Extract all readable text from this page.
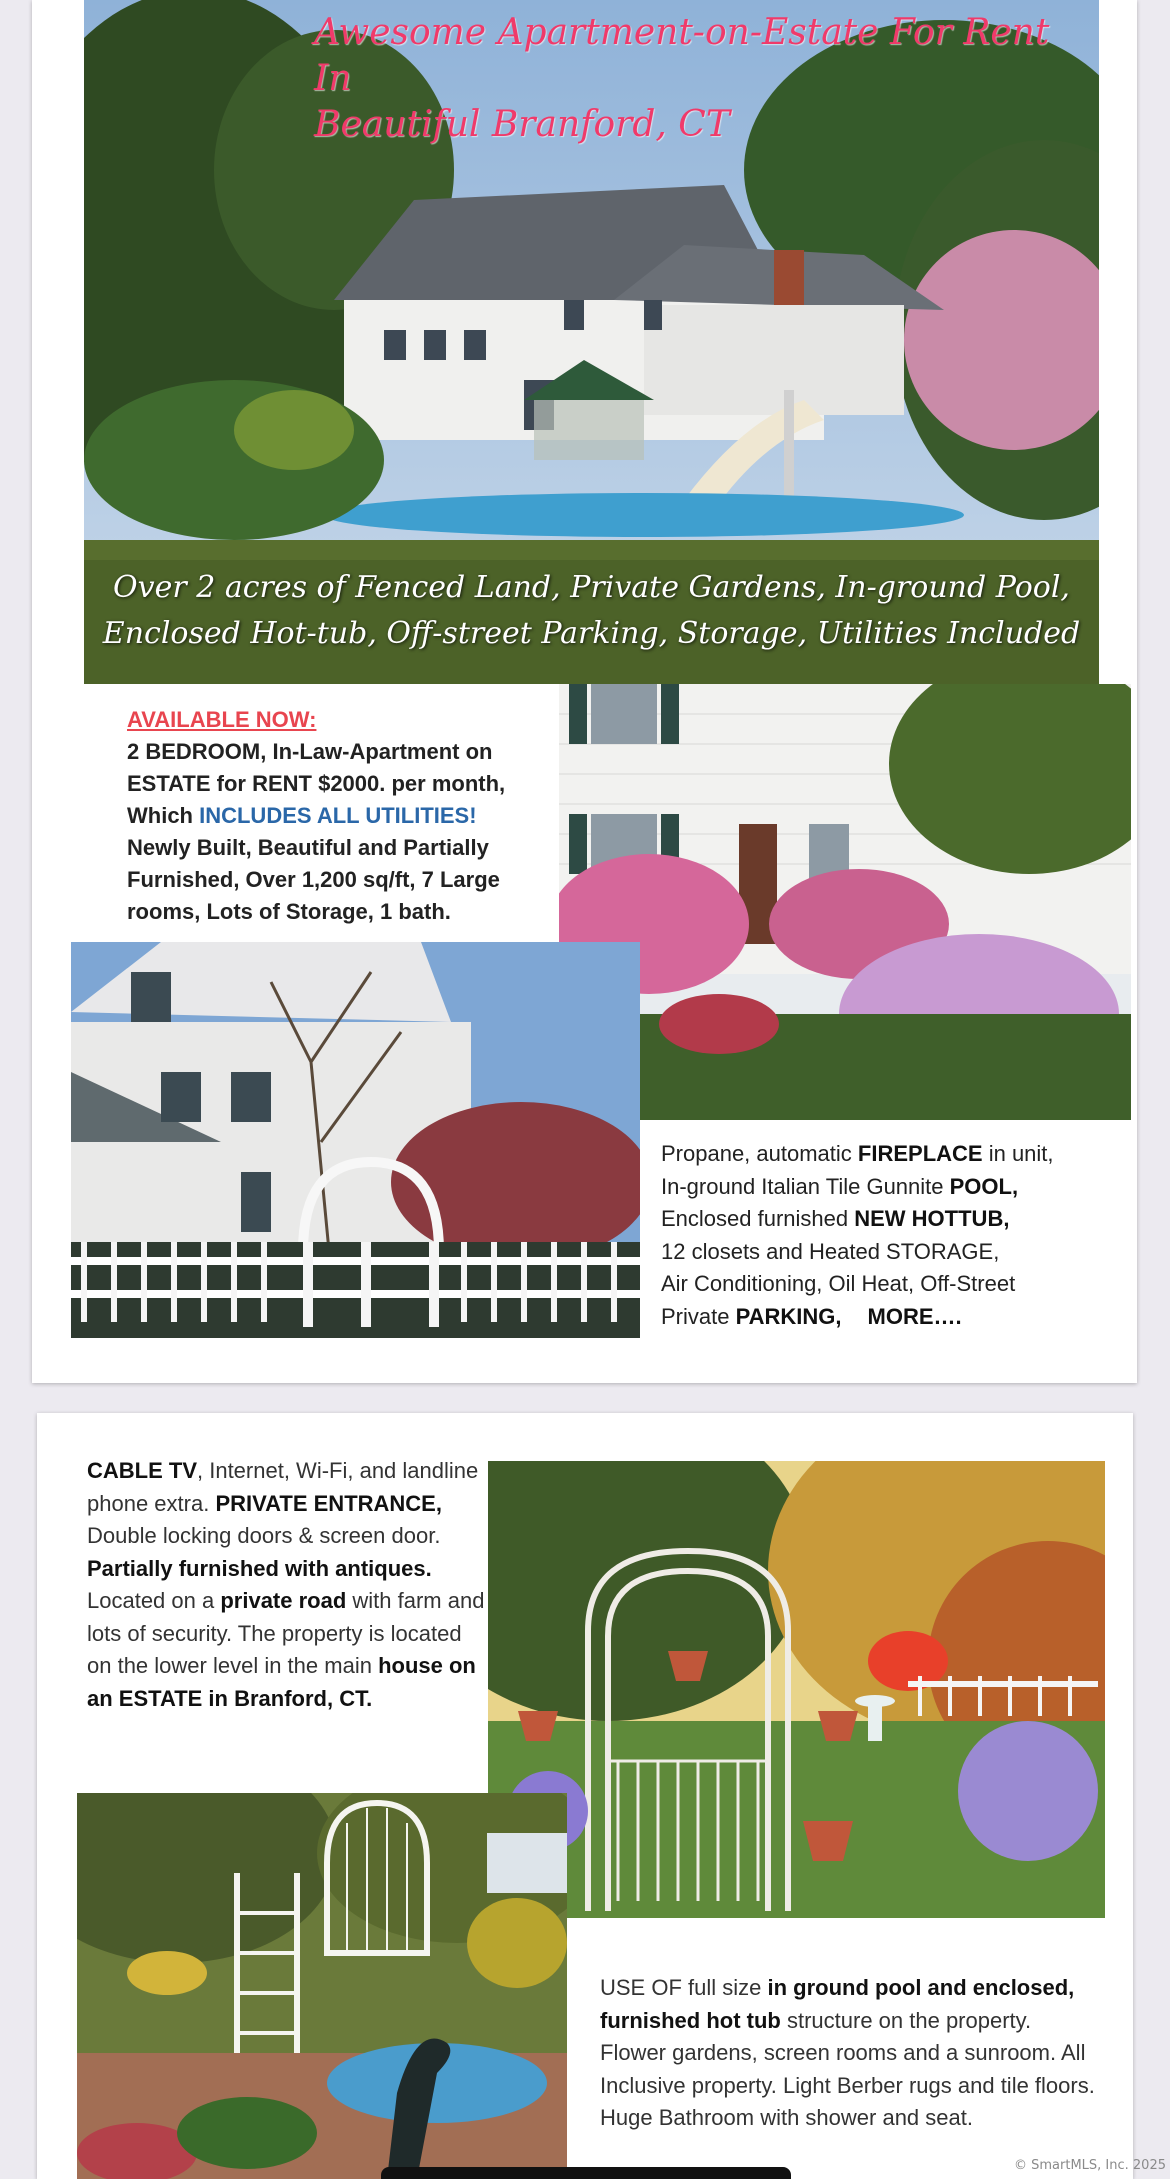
Awesome Apartment-on-Estate For Rent In
Beautiful Branford, CT
Over 2 acres of Fenced Land, Private Gardens, In-ground Pool,
Enclosed Hot-tub, Off-street Parking, Storage, Utilities Included
AVAILABLE NOW:
2 BEDROOM, In-Law-Apartment on
ESTATE for RENT $2000. per month,
Which INCLUDES ALL UTILITIES!
Newly Built, Beautiful and Partially
Furnished, Over 1,200 sq/ft, 7 Large
rooms, Lots of Storage, 1 bath.
Propane, automatic FIREPLACE in unit,
In-ground Italian Tile Gunnite POOL,
Enclosed furnished NEW HOTTUB,
12 closets and Heated STORAGE,
Air Conditioning, Oil Heat, Off-Street
Private PARKING, MORE….
CABLE TV, Internet, Wi-Fi, and landline phone extra. PRIVATE ENTRANCE, Double locking doors & screen door. Partially furnished with antiques. Located on a private road with farm and lots of security. The property is located on the lower level in the main house on an ESTATE in Branford, CT.
USE OF full size in ground pool and enclosed, furnished hot tub structure on the property. Flower gardens, screen rooms and a sunroom. All Inclusive property. Light Berber rugs and tile floors. Huge Bathroom with shower and seat.
© SmartMLS, Inc. 2025
